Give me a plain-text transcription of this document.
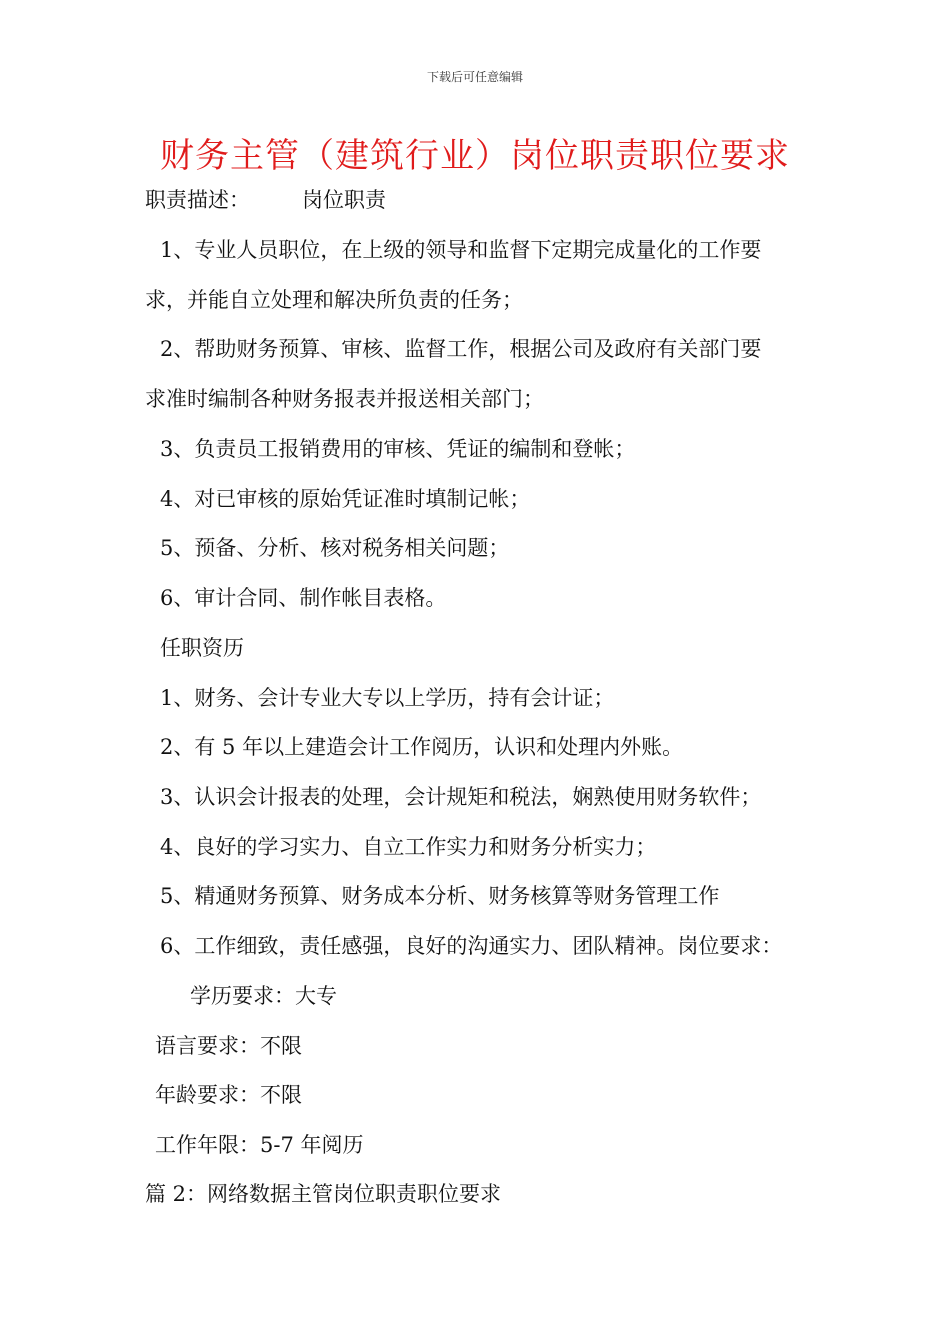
下载后可任意编辑
财务主管（建筑行业）岗位职责职位要求
职责描述： 岗位职责
1、专业人员职位，在上级的领导和监督下定期完成量化的工作要
求，并能自立处理和解决所负责的任务；
2、帮助财务预算、审核、监督工作，根据公司及政府有关部门要
求准时编制各种财务报表并报送相关部门；
3、负责员工报销费用的审核、凭证的编制和登帐；
4、对已审核的原始凭证准时填制记帐；
5、预备、分析、核对税务相关问题；
6、审计合同、制作帐目表格。
任职资历
1、财务、会计专业大专以上学历，持有会计证；
2、有 5 年以上建造会计工作阅历，认识和处理内外账。
3、认识会计报表的处理，会计规矩和税法，娴熟使用财务软件；
4、良好的学习实力、自立工作实力和财务分析实力；
5、精通财务预算、财务成本分析、财务核算等财务管理工作
6、工作细致，责任感强，良好的沟通实力、团队精神。岗位要求：
学历要求：大专
语言要求：不限
年龄要求：不限
工作年限：5-7 年阅历
篇 2：网络数据主管岗位职责职位要求
